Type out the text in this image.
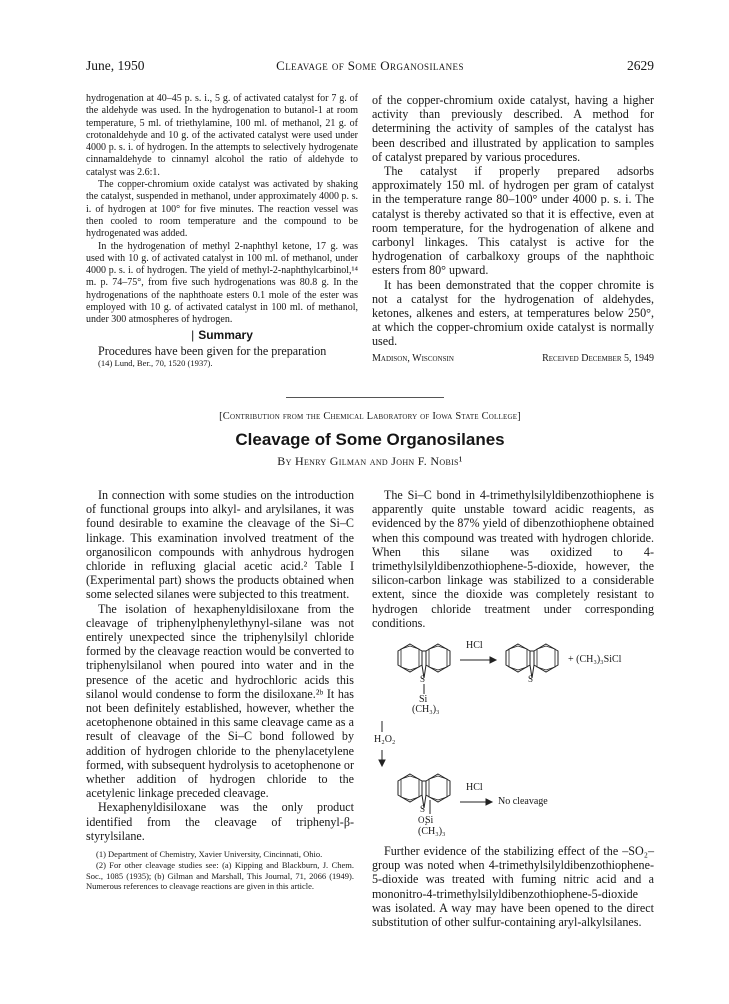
June, 1950	Cleavage of Some Organosilanes	2629

hydrogenation at 40–45 p. s. i., 5 g. of activated catalyst for 7 g. of the aldehyde was used. In the hydrogenation to butanol-1 at room temperature, 5 ml. of triethylamine, 100 ml. of methanol, 21 g. of crotonaldehyde and 10 g. of the activated catalyst were used under 4000 p. s. i. of hydrogen. In the attempts to selectively hydrogenate cinnamaldehyde to cinnamyl alcohol the ratio of aldehyde to catalyst was 2.6:1.

The copper-chromium oxide catalyst was activated by shaking the catalyst, suspended in methanol, under approximately 4000 p. s. i. of hydrogen at 100° for five minutes. The reaction vessel was then cooled to room temperature and the compound to be hydrogenated was added.

In the hydrogenation of methyl 2-naphthyl ketone, 17 g. was used with 10 g. of activated catalyst in 100 ml. of methanol, under 4000 p. s. i. of hydrogen. The yield of methyl-2-naphthylcarbinol,¹⁴ m. p. 74–75°, from five such hydrogenations was 80.8 g. In the hydrogenations of the naphthoate esters 0.1 mole of the ester was employed with 10 g. of activated catalyst in 100 ml. of methanol, under 300 atmospheres of hydrogen.

| Summary

Procedures have been given for the preparation

(14) Lund, Ber., 70, 1520 (1937).

of the copper-chromium oxide catalyst, having a higher activity than previously described. A method for determining the activity of samples of the catalyst has been described and illustrated by application to samples of catalyst prepared by various procedures.

The catalyst if properly prepared adsorbs approximately 150 ml. of hydrogen per gram of catalyst in the temperature range 80–100° under 4000 p. s. i. The catalyst is thereby activated so that it is effective, even at room temperature, for the hydrogenation of alkene and carbonyl linkages. This catalyst is active for the hydrogenation of carbalkoxy groups of the naphthoic esters from 80° upward.

It has been demonstrated that the copper chromite is not a catalyst for the hydrogenation of aldehydes, ketones, alkenes and esters, at temperatures below 250°, at which the copper-chromium oxide catalyst is normally used.

Madison, Wisconsin	Received December 5, 1949

[Contribution from the Chemical Laboratory of Iowa State College]
Cleavage of Some Organosilanes
By Henry Gilman and John F. Nobis¹

In connection with some studies on the introduction of functional groups into alkyl- and arylsilanes, it was found desirable to examine the cleavage of the Si–C linkage. This examination involved treatment of the organosilicon compounds with anhydrous hydrogen chloride in refluxing glacial acetic acid.² Table I (Experimental part) shows the products obtained when some selected silanes were subjected to this treatment.

The isolation of hexaphenyldisiloxane from the cleavage of triphenylphenylethynyl-silane was not entirely unexpected since the triphenylsilyl chloride formed by the cleavage reaction would be converted to triphenylsilanol when poured into water and in the presence of the acetic and hydrochloric acids this silanol would condense to form the disiloxane.²ᵇ It has not been definitely established, however, whether the acetophenone obtained in this same cleavage came as a result of cleavage of the Si–C bond followed by addition of hydrogen chloride to the phenylacetylene formed, with subsequent hydrolysis to acetophenone or whether addition of hydrogen chloride to the acetylenic linkage preceded cleavage.

Hexaphenyldisiloxane was the only product identified from the cleavage of triphenyl-β-styrylsilane.

(1) Department of Chemistry, Xavier University, Cincinnati, Ohio.

(2) For other cleavage studies see: (a) Kipping and Blackburn, J. Chem. Soc., 1085 (1935); (b) Gilman and Marshall, This Journal, 71, 2066 (1949). Numerous references to cleavage reactions are given in this article.

The Si–C bond in 4-trimethylsilyldibenzothiophene is apparently quite unstable toward acidic reagents, as evidenced by the 87% yield of dibenzothiophene obtained when this compound was treated with hydrogen chloride. When this silane was oxidized to 4-trimethylsilyldibenzothiophene-5-dioxide, however, the silicon-carbon linkage was stabilized to a considerable extent, since the dioxide was completely resistant to hydrogen chloride treatment under corresponding conditions.

HCl
+ (CH₃)₃SiCl
S	S
Si
(CH₃)₃
H₂O₂
HCl
No cleavage
S
O₂
Si
(CH₃)₃

Further evidence of the stabilizing effect of the –SO₂– group was noted when 4-trimethylsilyldibenzothiophene-5-dioxide was treated with fuming nitric acid and a mononitro-4-trimethylsilyldibenzothiophene-5-dioxide was isolated. A way may have been opened to the direct substitution of other sulfur-containing aryl-alkylsilanes.
